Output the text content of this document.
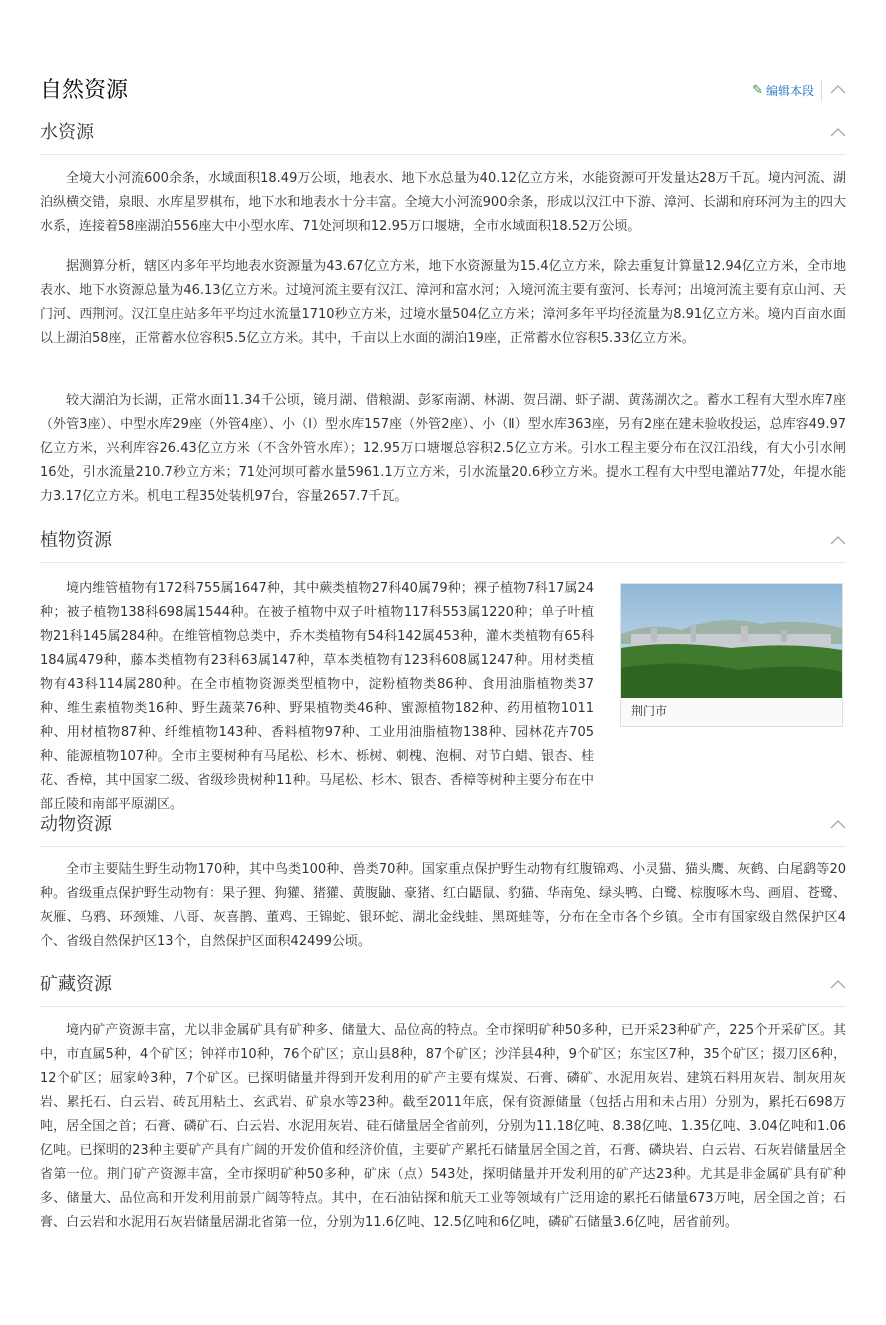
自然资源	✎ 编辑本段
水资源

全境大小河流600余条，水域面积18.49万公顷，地表水、地下水总量为40.12亿立方米，水能资源可开发量达28万千瓦。境内河流、湖泊纵横交错，泉眼、水库星罗棋布，地下水和地表水十分丰富。全境大小河流900余条，形成以汉江中下游、漳河、长湖和府环河为主的四大水系，连接着58座湖泊556座大中小型水库、71处河坝和12.95万口堰塘，全市水域面积18.52万公顷。

据测算分析，辖区内多年平均地表水资源量为43.67亿立方米，地下水资源量为15.4亿立方米，除去重复计算量12.94亿立方米，全市地表水、地下水资源总量为46.13亿立方米。过境河流主要有汉江、漳河和富水河；入境河流主要有蛮河、长寿河；出境河流主要有京山河、天门河、西荆河。汉江皇庄站多年平均过水流量1710秒立方米，过境水量504亿立方米；漳河多年平均径流量为8.91亿立方米。境内百亩水面以上湖泊58座，正常蓄水位容积5.5亿立方米。其中，千亩以上水面的湖泊19座，正常蓄水位容积5.33亿立方米。

较大湖泊为长湖，正常水面11.34千公顷，镜月湖、借粮湖、彭冢南湖、林湖、贺吕湖、虾子湖、黄荡湖次之。蓄水工程有大型水库7座（外管3座）、中型水库29座（外管4座）、小（Ⅰ）型水库157座（外管2座）、小（Ⅱ）型水库363座，另有2座在建未验收投运，总库容49.97亿立方米，兴利库容26.43亿立方米（不含外管水库）；12.95万口塘堰总容积2.5亿立方米。引水工程主要分布在汉江沿线，有大小引水闸16处，引水流量210.7秒立方米；71处河坝可蓄水量5961.1万立方米，引水流量20.6秒立方米。提水工程有大中型电灌站77处，年提水能力3.17亿立方米。机电工程35处装机97台，容量2657.7千瓦。

植物资源

境内维管植物有172科755属1647种，其中蕨类植物27科40属79种；裸子植物7科17属24种；被子植物138科698属1544种。在被子植物中双子叶植物117科553属1220种；单子叶植物21科145属284种。在维管植物总类中，乔木类植物有54科142属453种，灌木类植物有65科184属479种，藤本类植物有23科63属147种，草本类植物有123科608属1247种。用材类植物有43科114属280种。在全市植物资源类型植物中，淀粉植物类86种、食用油脂植物类37种、维生素植物类16种、野生蔬菜76种、野果植物类46种、蜜源植物182种、药用植物1011种、用材植物87种、纤维植物143种、香料植物97种、工业用油脂植物138种、园林花卉705种、能源植物107种。全市主要树种有马尾松、杉木、栎树、刺槐、泡桐、对节白蜡、银杏、桂花、香樟，其中国家二级、省级珍贵树种11种。马尾松、杉木、银杏、香樟等树种主要分布在中部丘陵和南部平原湖区。

荆门市
动物资源

全市主要陆生野生动物170种，其中鸟类100种、兽类70种。国家重点保护野生动物有红腹锦鸡、小灵猫、猫头鹰、灰鹤、白尾鹞等20种。省级重点保护野生动物有：果子狸、狗獾、猪獾、黄腹鼬、豪猪、红白鼯鼠、豹猫、华南兔、绿头鸭、白鹭、棕腹啄木鸟、画眉、苍鹭、灰雁、乌鸦、环颈雉、八哥、灰喜鹊、董鸡、王锦蛇、银环蛇、湖北金线蛙、黑斑蛙等，分布在全市各个乡镇。全市有国家级自然保护区4个、省级自然保护区13个，自然保护区面积42499公顷。

矿藏资源

境内矿产资源丰富，尤以非金属矿具有矿种多、储量大、品位高的特点。全市探明矿种50多种，已开采23种矿产，225个开采矿区。其中，市直属5种，4个矿区；钟祥市10种，76个矿区；京山县8种，87个矿区；沙洋县4种，9个矿区；东宝区7种，35个矿区；掇刀区6种，12个矿区；屈家岭3种，7个矿区。已探明储量并得到开发利用的矿产主要有煤炭、石膏、磷矿、水泥用灰岩、建筑石料用灰岩、制灰用灰岩、累托石、白云岩、砖瓦用粘土、玄武岩、矿泉水等23种。截至2011年底，保有资源储量（包括占用和未占用）分别为，累托石698万吨，居全国之首；石膏、磷矿石、白云岩、水泥用灰岩、硅石储量居全省前列，分别为11.18亿吨、8.38亿吨、1.35亿吨、3.04亿吨和1.06亿吨。已探明的23种主要矿产具有广阔的开发价值和经济价值，主要矿产累托石储量居全国之首，石膏、磷块岩、白云岩、石灰岩储量居全省第一位。荆门矿产资源丰富，全市探明矿种50多种，矿床（点）543处，探明储量并开发利用的矿产达23种。尤其是非金属矿具有矿种多、储量大、品位高和开发利用前景广阔等特点。其中，在石油钻探和航天工业等领域有广泛用途的累托石储量673万吨，居全国之首；石膏、白云岩和水泥用石灰岩储量居湖北省第一位，分别为11.6亿吨、12.5亿吨和6亿吨，磷矿石储量3.6亿吨，居省前列。
